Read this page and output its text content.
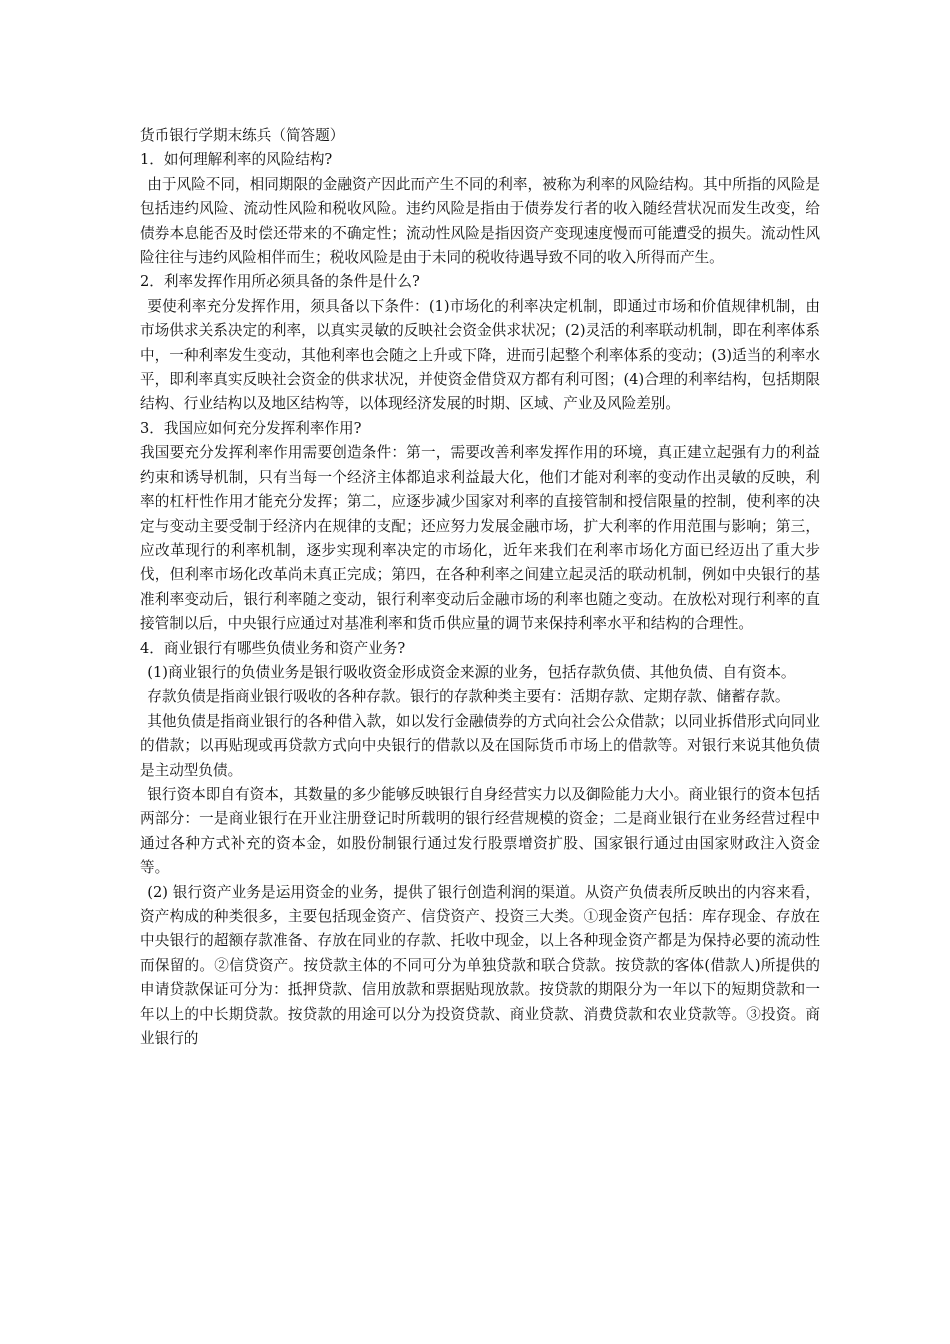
货币银行学期末练兵（简答题）

1．如何理解利率的风险结构?

由于风险不同，相同期限的金融资产因此而产生不同的利率，被称为利率的风险结构。其中所指的风险是包括违约风险、流动性风险和税收风险。违约风险是指由于债券发行者的收入随经营状况而发生改变，给债券本息能否及时偿还带来的不确定性；流动性风险是指因资产变现速度慢而可能遭受的损失。流动性风险往往与违约风险相伴而生；税收风险是由于未同的税收待遇导致不同的收入所得而产生。

2．利率发挥作用所必须具备的条件是什么?

要使利率充分发挥作用，须具备以下条件：(1)市场化的利率决定机制，即通过市场和价值规律机制，由市场供求关系决定的利率，以真实灵敏的反映社会资金供求状况；(2)灵活的利率联动机制，即在利率体系中，一种利率发生变动，其他利率也会随之上升或下降，进而引起整个利率体系的变动；(3)适当的利率水平，即利率真实反映社会资金的供求状况，并使资金借贷双方都有利可图；(4)合理的利率结构，包括期限结构、行业结构以及地区结构等，以体现经济发展的时期、区域、产业及风险差别。

3．我国应如何充分发挥利率作用?

我国要充分发挥利率作用需要创造条件：第一，需要改善利率发挥作用的环境，真正建立起强有力的利益约束和诱导机制，只有当每一个经济主体都追求利益最大化，他们才能对利率的变动作出灵敏的反映，利率的杠杆性作用才能充分发挥；第二，应逐步减少国家对利率的直接管制和授信限量的控制，使利率的决定与变动主要受制于经济内在规律的支配；还应努力发展金融市场，扩大利率的作用范围与影响；第三，应改革现行的利率机制，逐步实现利率决定的市场化，近年来我们在利率市场化方面已经迈出了重大步伐，但利率市场化改革尚未真正完成；第四，在各种利率之间建立起灵活的联动机制，例如中央银行的基准利率变动后，银行利率随之变动，银行利率变动后金融市场的利率也随之变动。在放松对现行利率的直接管制以后，中央银行应通过对基准利率和货币供应量的调节来保持利率水平和结构的合理性。

4．商业银行有哪些负债业务和资产业务?

(1)商业银行的负债业务是银行吸收资金形成资金来源的业务，包括存款负债、其他负债、自有资本。

存款负债是指商业银行吸收的各种存款。银行的存款种类主要有：活期存款、定期存款、储蓄存款。

其他负债是指商业银行的各种借入款，如以发行金融债券的方式向社会公众借款；以同业拆借形式向同业的借款；以再贴现或再贷款方式向中央银行的借款以及在国际货币市场上的借款等。对银行来说其他负债是主动型负债。

银行资本即自有资本，其数量的多少能够反映银行自身经营实力以及御险能力大小。商业银行的资本包括两部分：一是商业银行在开业注册登记时所载明的银行经营规模的资金；二是商业银行在业务经营过程中通过各种方式补充的资本金，如股份制银行通过发行股票增资扩股、国家银行通过由国家财政注入资金等。

(2) 银行资产业务是运用资金的业务，提供了银行创造利润的渠道。从资产负债表所反映出的内容来看，资产构成的种类很多，主要包括现金资产、信贷资产、投资三大类。①现金资产包括：库存现金、存放在中央银行的超额存款准备、存放在同业的存款、托收中现金，以上各种现金资产都是为保持必要的流动性而保留的。②信贷资产。按贷款主体的不同可分为单独贷款和联合贷款。按贷款的客体(借款人)所提供的申请贷款保证可分为：抵押贷款、信用放款和票据贴现放款。按贷款的期限分为一年以下的短期贷款和一年以上的中长期贷款。按贷款的用途可以分为投资贷款、商业贷款、消费贷款和农业贷款等。③投资。商业银行的
